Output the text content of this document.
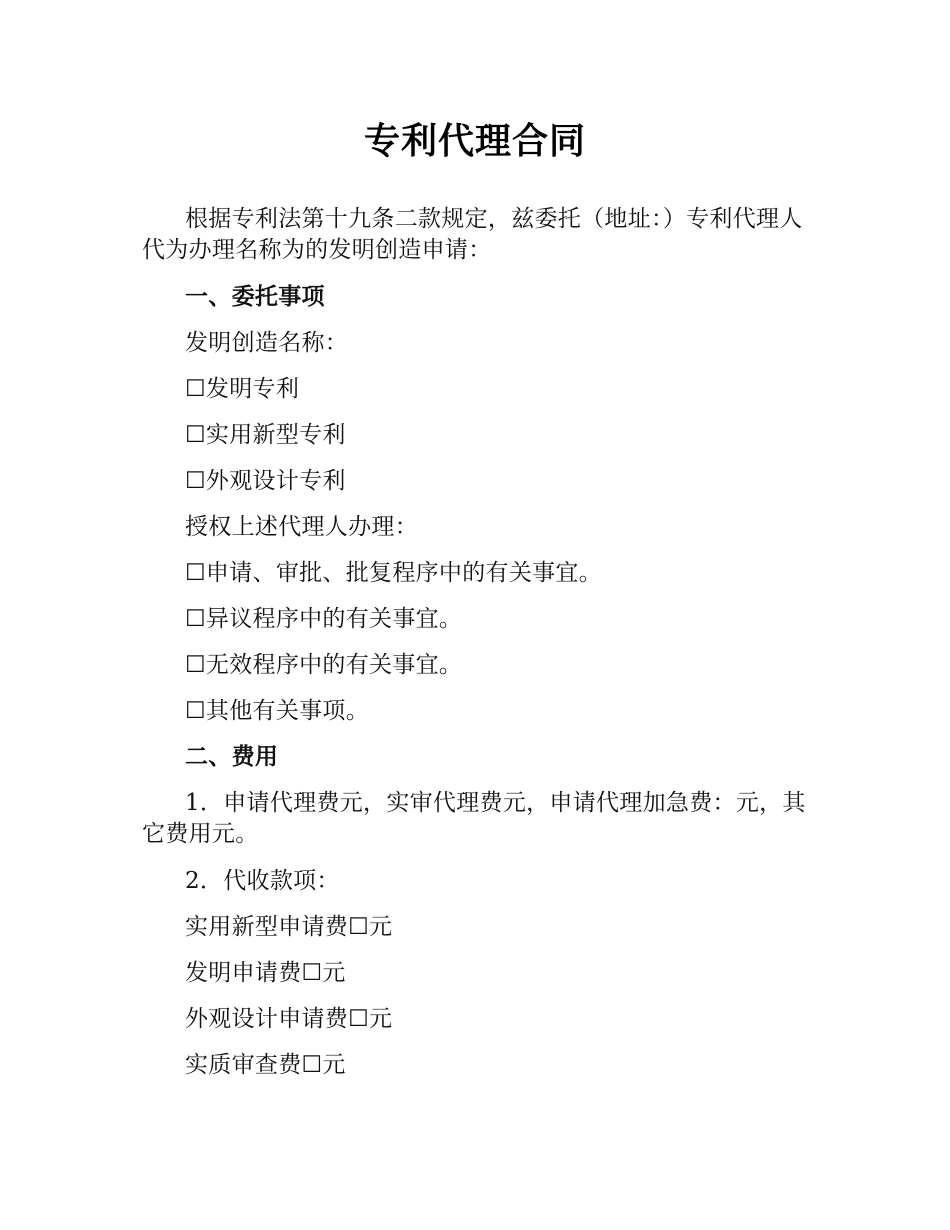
专利代理合同

根据专利法第十九条二款规定，兹委托（地址：）专利代理人代为办理名称为的发明创造申请：

一、委托事项

发明创造名称：

☐发明专利

☐实用新型专利

☐外观设计专利

授权上述代理人办理：

☐申请、审批、批复程序中的有关事宜。

☐异议程序中的有关事宜。

☐无效程序中的有关事宜。

☐其他有关事项。

二、费用

1．申请代理费元，实审代理费元，申请代理加急费：元，其它费用元。

2．代收款项：

实用新型申请费☐元

发明申请费☐元

外观设计申请费☐元

实质审查费☐元
